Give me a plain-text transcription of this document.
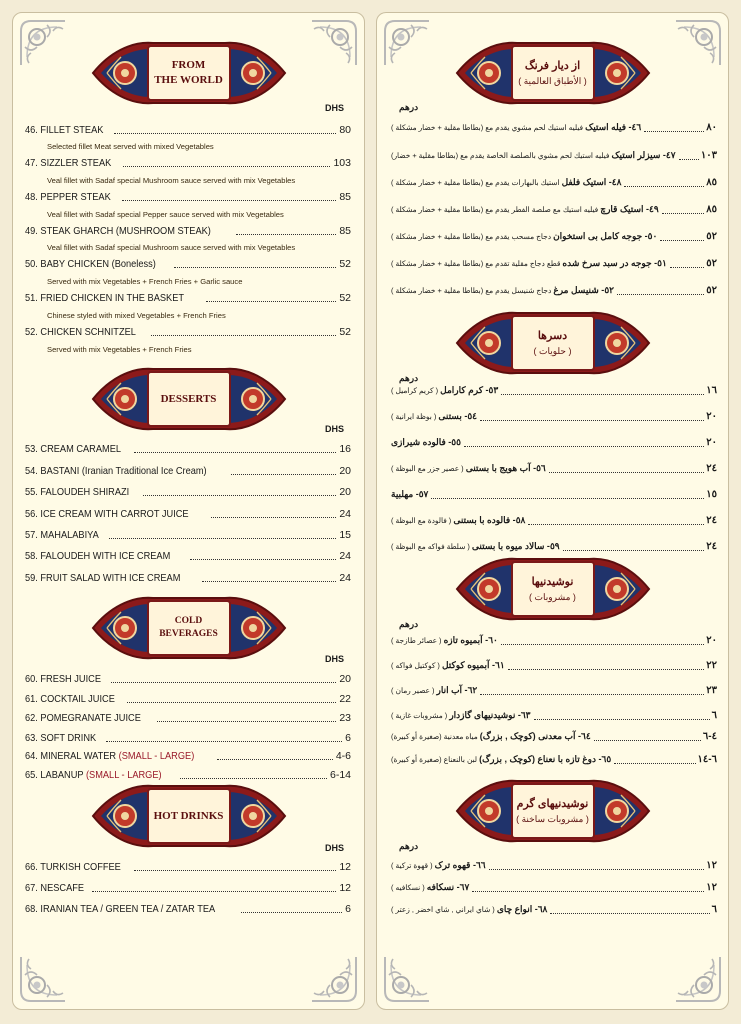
FROM
THE WORLD
DHS
46. FILLET STEAK	80
Selected fillet Meat served with mixed Vegetables
47. SIZZLER STEAK	103
Veal fillet with Sadaf special Mushroom sauce served with mix Vegetables
48. PEPPER STEAK	85
Veal fillet with Sadaf special Pepper sauce served with mix Vegetables
49. STEAK GHARCH (MUSHROOM STEAK)	85
Veal fillet with Sadaf special Mushroom sauce served with mix Vegetables
50. BABY CHICKEN (Boneless)	52
Served with mix Vegetables + French Fries + Garlic sauce
51. FRIED CHICKEN IN THE BASKET	52
Chinese styled with mixed Vegetables + French Fries
52. CHICKEN SCHNITZEL	52
Served with mix Vegetables + French Fries
DESSERTS
DHS
53. CREAM CARAMEL	16
54. BASTANI (Iranian Traditional Ice Cream)	20
55. FALOUDEH SHIRAZI	20
56. ICE CREAM WITH CARROT JUICE	24
57. MAHALABIYA	15
58. FALOUDEH WITH ICE CREAM	24
59. FRUIT SALAD WITH ICE CREAM	24
COLD BEVERAGES
DHS
60. FRESH JUICE	20
61. COCKTAIL JUICE	22
62. POMEGRANATE JUICE	23
63. SOFT DRINK	6
64. MINERAL WATER (SMALL - LARGE)	4-6
65. LABANUP (SMALL - LARGE)	6-14
HOT DRINKS
DHS
66. TURKISH COFFEE	12
67. NESCAFE	12
68. IRANIAN TEA / GREEN TEA / ZATAR TEA	6
از دیار فرنگ
( الأطباق العالمية )
درهم
٤٦- فیله استیک فيليه استيك لحم مشوي يقدم مع (بطاطا مقلية + خضار مشكلة )	٨٠
٤٧- سیزلر استیک فيليه استيك لحم مشوي بالصلصة الخاصة يقدم مع (بطاطا مقلية + خضار)	١٠٣
٤٨- استیک فلفل استيك بالبهارات يقدم مع (بطاطا مقلية + خضار مشكلة )	٨٥
٤٩- استیک قارچ فيليه استيك مع صلصة الفطر يقدم مع (بطاطا مقلية + خضار مشكلة )	٨٥
٥٠- جوجه کامل بی استخوان دجاج مسحب يقدم مع (بطاطا مقلية + خضار مشكلة )	٥٢
٥١- جوجه در سبد سرخ شده قطع دجاج مقلية تقدم مع (بطاطا مقلية + خضار مشكلة )	٥٢
٥٢- شنیسل مرغ دجاج شنيسل يقدم مع (بطاطا مقلية + خضار مشكلة )	٥٢
دسرها
( حلويات )
درهم
٥٣- کرم کارامل ( كريم كراميل )	١٦
٥٤- بستنی ( بوظة ايرانية )	٢٠
٥٥- فالوده شیرازی	٢٠
٥٦- آب هویج با بستنی ( عصير جزر مع البوظة )	٢٤
٥٧- مهلبية	١٥
٥٨- فالوده با بستنی ( فالودة مع البوظة )	٢٤
٥٩- سالاد میوه با بستنی ( سلطة فواكه مع البوظة )	٢٤
نوشیدنیها
( مشروبات )
درهم
٦٠- آبمیوه تازه ( عصائر طازجة )	٢٠
٦١- آبمیوه کوکتل ( كوكتيل فواكه )	٢٢
٦٢- آب انار ( عصير رمان )	٢٣
٦٣- نوشیدنیهای گازدار ( مشروبات غازية )	٦
٦٤- آب معدنی (کوچک , بزرگ) مياه معدنية (صغيرة أو كبيرة)	٤-٦
٦٥- دوغ تازه با نعناع (کوچک , بزرگ) لبن بالنعناع (صغيرة أو كبيرة)	٦-١٤
نوشیدنیهای گرم
( مشروبات ساخنة )
درهم
٦٦- قهوه ترک ( قهوة تركية )	١٢
٦٧- نسکافه ( نسكافيه )	١٢
٦٨- انواع چای ( شاي ايراني , شاي اخضر , زعتر )	٦
